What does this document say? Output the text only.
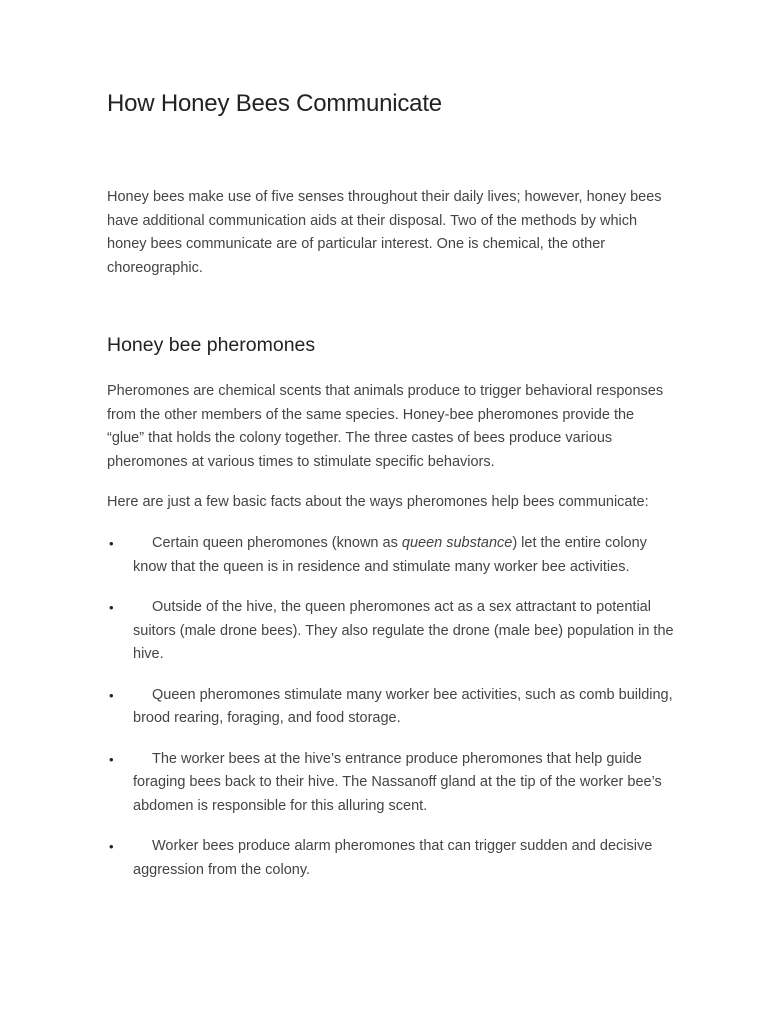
How Honey Bees Communicate

Honey bees make use of five senses throughout their daily lives; however, honey bees have additional communication aids at their disposal. Two of the methods by which honey bees communicate are of particular interest. One is chemical, the other choreographic.

Honey bee pheromones

Pheromones are chemical scents that animals produce to trigger behavioral responses from the other members of the same species. Honey-bee pheromones provide the “glue” that holds the colony together. The three castes of bees produce various pheromones at various times to stimulate specific behaviors.

Here are just a few basic facts about the ways pheromones help bees communicate:

•	Certain queen pheromones (known as queen substance) let the entire colony know that the queen is in residence and stimulate many worker bee activities.
•	Outside of the hive, the queen pheromones act as a sex attractant to potential suitors (male drone bees). They also regulate the drone (male bee) population in the hive.
•	Queen pheromones stimulate many worker bee activities, such as comb building, brood rearing, foraging, and food storage.
•	The worker bees at the hive’s entrance produce pheromones that help guide foraging bees back to their hive. The Nassanoff gland at the tip of the worker bee’s abdomen is responsible for this alluring scent.
•	Worker bees produce alarm pheromones that can trigger sudden and decisive aggression from the colony.
